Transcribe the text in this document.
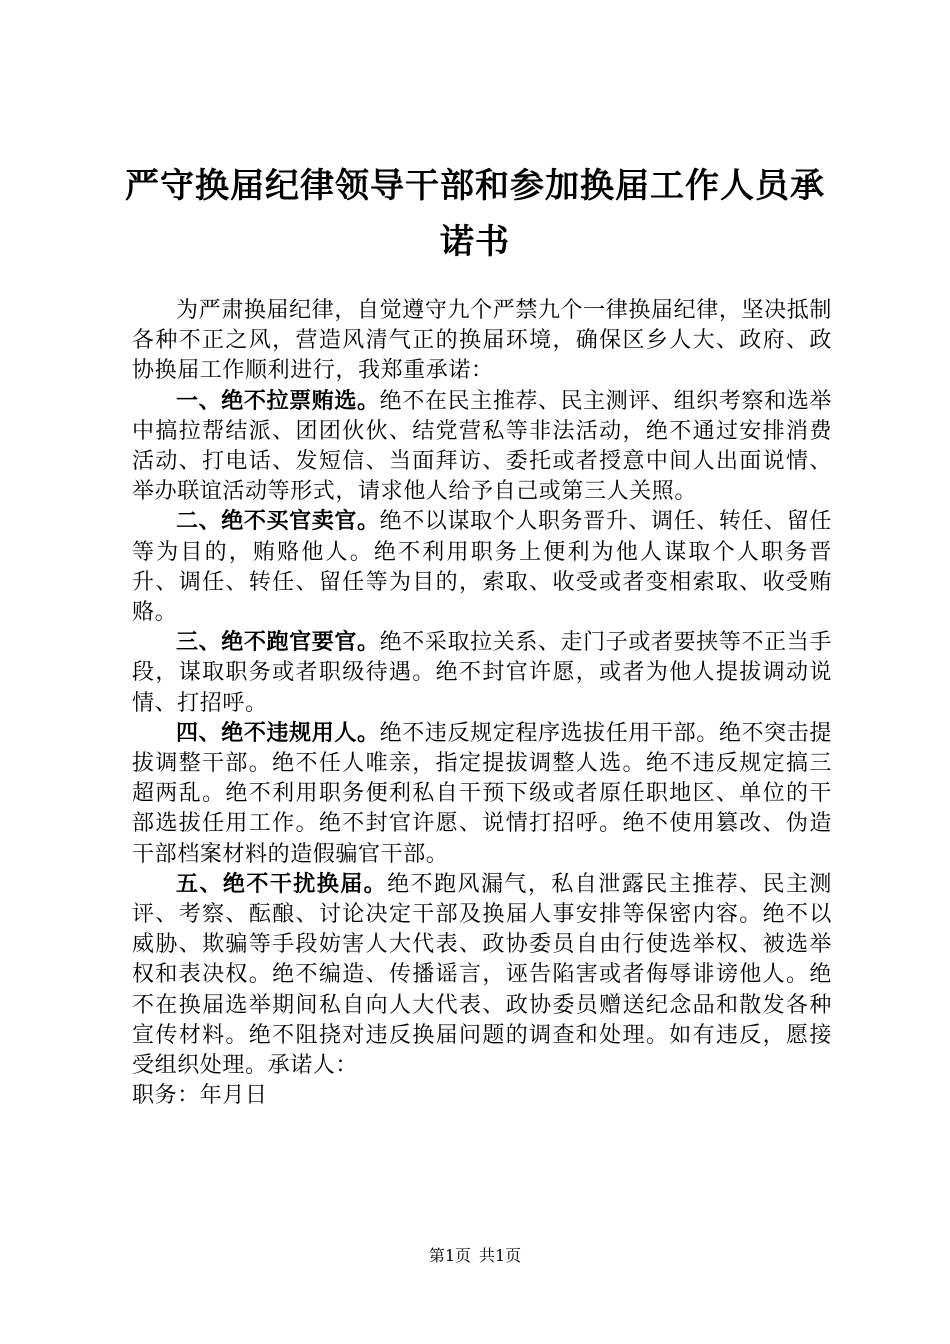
严守换届纪律领导干部和参加换届工作人员承
诺书

为严肃换届纪律，自觉遵守九个严禁九个一律换届纪律，坚决抵制各种不正之风，营造风清气正的换届环境，确保区乡人大、政府、政协换届工作顺利进行，我郑重承诺：

一、绝不拉票贿选。绝不在民主推荐、民主测评、组织考察和选举中搞拉帮结派、团团伙伙、结党营私等非法活动，绝不通过安排消费活动、打电话、发短信、当面拜访、委托或者授意中间人出面说情、举办联谊活动等形式，请求他人给予自己或第三人关照。

二、绝不买官卖官。绝不以谋取个人职务晋升、调任、转任、留任等为目的，贿赂他人。绝不利用职务上便利为他人谋取个人职务晋升、调任、转任、留任等为目的，索取、收受或者变相索取、收受贿赂。

三、绝不跑官要官。绝不采取拉关系、走门子或者要挟等不正当手段，谋取职务或者职级待遇。绝不封官许愿，或者为他人提拔调动说情、打招呼。

四、绝不违规用人。绝不违反规定程序选拔任用干部。绝不突击提拔调整干部。绝不任人唯亲，指定提拔调整人选。绝不违反规定搞三超两乱。绝不利用职务便利私自干预下级或者原任职地区、单位的干部选拔任用工作。绝不封官许愿、说情打招呼。绝不使用篡改、伪造干部档案材料的造假骗官干部。

五、绝不干扰换届。绝不跑风漏气，私自泄露民主推荐、民主测评、考察、酝酿、讨论决定干部及换届人事安排等保密内容。绝不以威胁、欺骗等手段妨害人大代表、政协委员自由行使选举权、被选举权和表决权。绝不编造、传播谣言，诬告陷害或者侮辱诽谤他人。绝不在换届选举期间私自向人大代表、政协委员赠送纪念品和散发各种宣传材料。绝不阻挠对违反换届问题的调查和处理。如有违反，愿接受组织处理。承诺人：

职务：年月日

第1页 共1页
